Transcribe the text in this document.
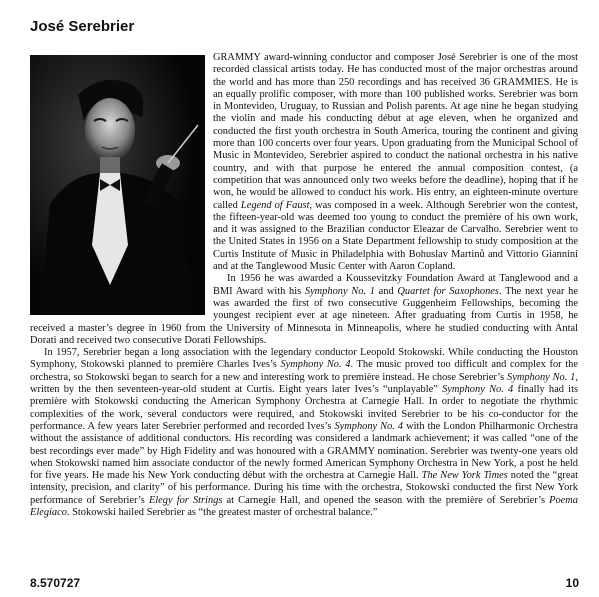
José Serebrier

GRAMMY award-winning conductor and composer José Serebrier is one of the most recorded classical artists today. He has conducted most of the major orchestras around the world and has more than 250 recordings and has received 36 GRAMMIES. He is an equally prolific composer, with more than 100 published works. Serebrier was born in Montevideo, Uruguay, to Russian and Polish parents. At age nine he began studying the violin and made his conducting début at age eleven, when he organized and conducted the first youth orchestra in South America, touring the continent and giving more than 100 concerts over four years. Upon graduating from the Municipal School of Music in Montevideo, Serebrier aspired to conduct the national orchestra in his native country, and with that purpose he entered the annual composition contest, (a competition that was announced only two weeks before the deadline), hoping that if he won, he would be allowed to conduct his work. His entry, an eighteen-minute overture called Legend of Faust, was composed in a week. Although Serebrier won the contest, the fifteen-year-old was deemed too young to conduct the première of his own work, and it was assigned to the Brazilian conductor Eleazar de Carvalho. Serebrier went to the United States in 1956 on a State Department fellowship to study composition at the Curtis Institute of Music in Philadelphia with Bohuslav Martinů and Vittorio Giannini and at the Tanglewood Music Center with Aaron Copland.

In 1956 he was awarded a Koussevitzky Foundation Award at Tanglewood and a BMI Award with his Symphony No. 1 and Quartet for Saxophones. The next year he was awarded the first of two consecutive Guggenheim Fellowships, becoming the youngest recipient ever at age nineteen. After graduating from Curtis in 1958, he received a master’s degree in 1960 from the University of Minnesota in Minneapolis, where he studied conducting with Antal Dorati and received two consecutive Dorati Fellowships.

In 1957, Serebrier began a long association with the legendary conductor Leopold Stokowski. While conducting the Houston Symphony, Stokowski planned to première Charles Ives’s Symphony No. 4. The music proved too difficult and complex for the orchestra, so Stokowski began to search for a new and interesting work to première instead. He chose Serebrier’s Symphony No. 1, written by the then seventeen-year-old student at Curtis. Eight years later Ives’s “unplayable” Symphony No. 4 finally had its première with Stokowski conducting the American Symphony Orchestra at Carnegie Hall. In order to negotiate the rhythmic complexities of the work, several conductors were required, and Stokowski invited Serebrier to be his co-conductor for the performance. A few years later Serebrier performed and recorded Ives’s Symphony No. 4 with the London Philharmonic Orchestra without the assistance of additional conductors. His recording was considered a landmark achievement; it was called “one of the best recordings ever made” by High Fidelity and was honoured with a GRAMMY nomination. Serebrier was twenty-one years old when Stokowski named him associate conductor of the newly formed American Symphony Orchestra in New York, a post he held for five years. He made his New York conducting début with the orchestra at Carnegie Hall. The New York Times noted the “great intensity, precision, and clarity” of his performance. During his time with the orchestra, Stokowski conducted the first New York performance of Serebrier’s Elegy for Strings at Carnegie Hall, and opened the season with the première of Serebrier’s Poema Elegiaco. Stokowski hailed Serebrier as “the greatest master of orchestral balance.”

8.570727	10
